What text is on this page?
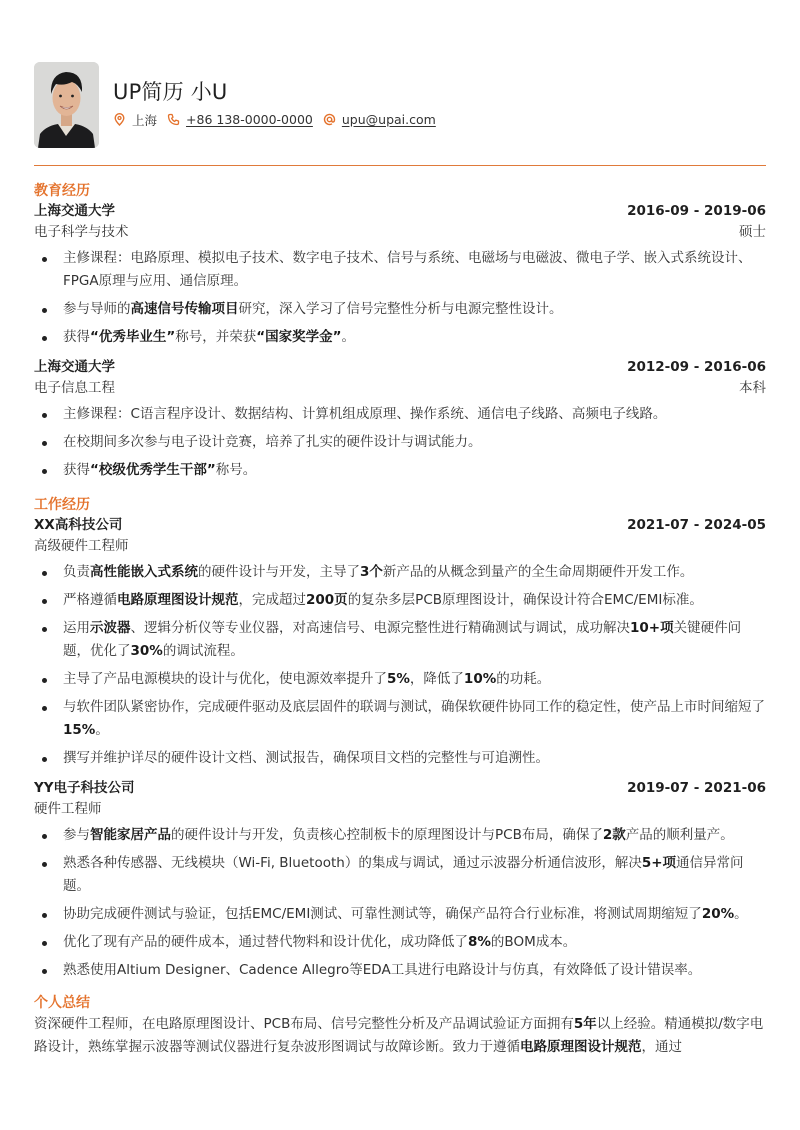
UP简历 小U
上海 +86 138-0000-0000 upu@upai.com
教育经历
上海交通大学	2016-09 - 2019-06
电子科学与技术	硕士
主修课程：电路原理、模拟电子技术、数字电子技术、信号与系统、电磁场与电磁波、微电子学、嵌入式系统设计、FPGA原理与应用、通信原理。
参与导师的高速信号传输项目研究，深入学习了信号完整性分析与电源完整性设计。
获得“优秀毕业生”称号，并荣获“国家奖学金”。
上海交通大学	2012-09 - 2016-06
电子信息工程	本科
主修课程：C语言程序设计、数据结构、计算机组成原理、操作系统、通信电子线路、高频电子线路。
在校期间多次参与电子设计竞赛，培养了扎实的硬件设计与调试能力。
获得“校级优秀学生干部”称号。
工作经历
XX高科技公司	2021-07 - 2024-05
高级硬件工程师
负责高性能嵌入式系统的硬件设计与开发，主导了3个新产品的从概念到量产的全生命周期硬件开发工作。
严格遵循电路原理图设计规范，完成超过200页的复杂多层PCB原理图设计，确保设计符合EMC/EMI标准。
运用示波器、逻辑分析仪等专业仪器，对高速信号、电源完整性进行精确测试与调试，成功解决10+项关键硬件问题，优化了30%的调试流程。
主导了产品电源模块的设计与优化，使电源效率提升了5%，降低了10%的功耗。
与软件团队紧密协作，完成硬件驱动及底层固件的联调与测试，确保软硬件协同工作的稳定性，使产品上市时间缩短了15%。
撰写并维护详尽的硬件设计文档、测试报告，确保项目文档的完整性与可追溯性。
YY电子科技公司	2019-07 - 2021-06
硬件工程师
参与智能家居产品的硬件设计与开发，负责核心控制板卡的原理图设计与PCB布局，确保了2款产品的顺利量产。
熟悉各种传感器、无线模块（Wi-Fi, Bluetooth）的集成与调试，通过示波器分析通信波形，解决5+项通信异常问题。
协助完成硬件测试与验证，包括EMC/EMI测试、可靠性测试等，确保产品符合行业标准，将测试周期缩短了20%。
优化了现有产品的硬件成本，通过替代物料和设计优化，成功降低了8%的BOM成本。
熟悉使用Altium Designer、Cadence Allegro等EDA工具进行电路设计与仿真，有效降低了设计错误率。
个人总结

资深硬件工程师，在电路原理图设计、PCB布局、信号完整性分析及产品调试验证方面拥有5年以上经验。精通模拟/数字电路设计，熟练掌握示波器等测试仪器进行复杂波形图调试与故障诊断。致力于遵循电路原理图设计规范，通过
